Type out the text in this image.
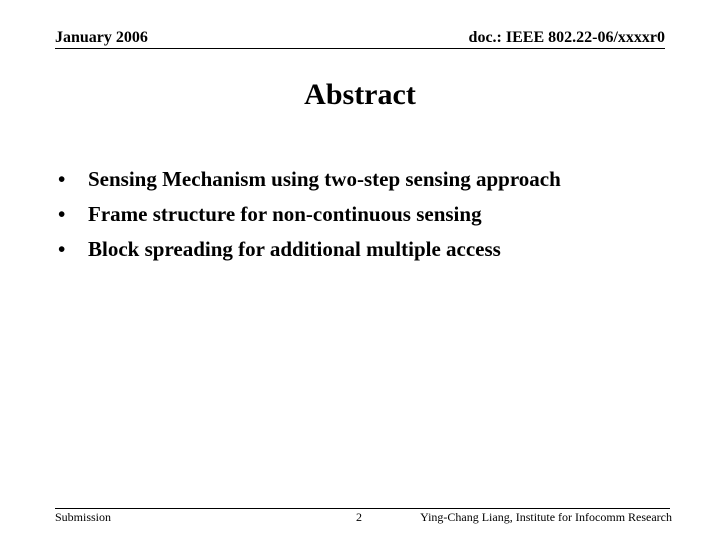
January 2006	doc.: IEEE 802.22-06/xxxxr0
Abstract
• Sensing Mechanism using two-step sensing approach
• Frame structure for non-continuous sensing
• Block spreading for additional multiple access
Submission	2	Ying-Chang Liang, Institute for Infocomm Research
